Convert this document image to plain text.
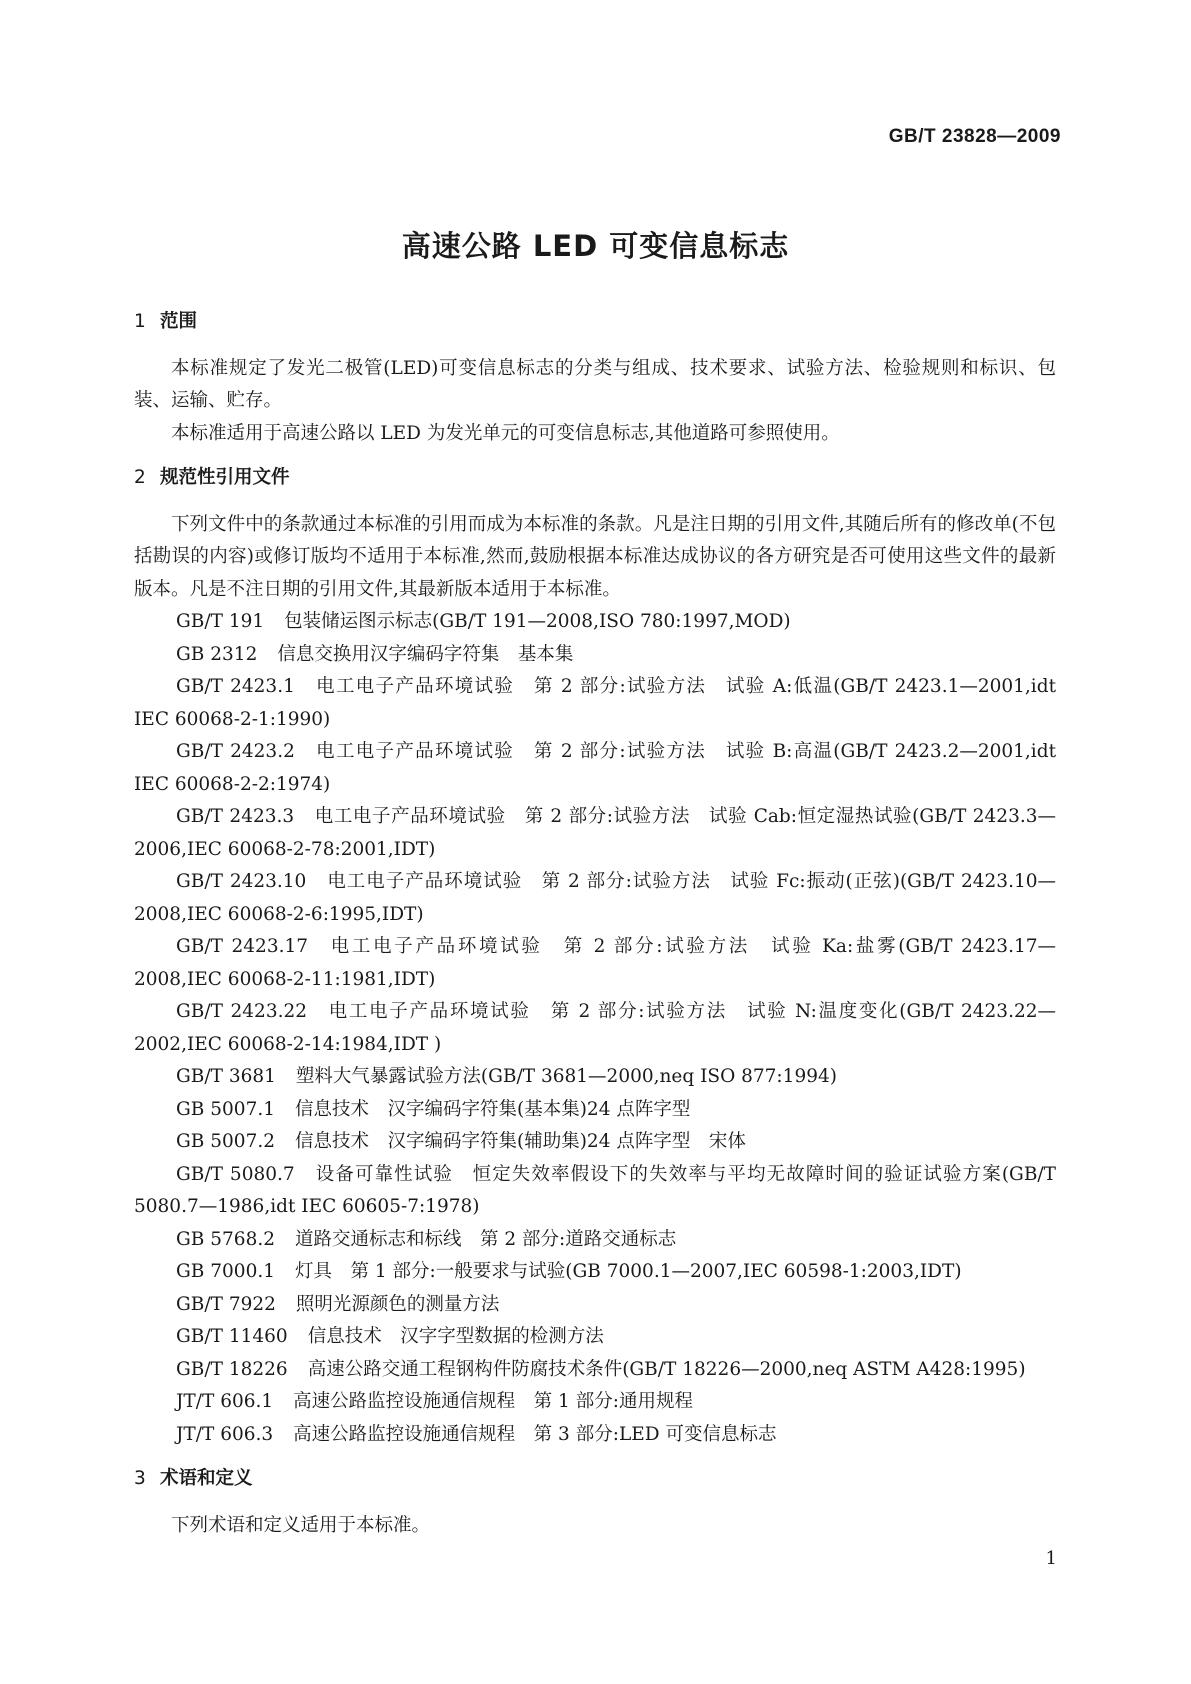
GB/T 23828—2009
高速公路 LED 可变信息标志
1 范围

本标准规定了发光二极管(LED)可变信息标志的分类与组成、技术要求、试验方法、检验规则和标识、包装、运输、贮存。

本标准适用于高速公路以 LED 为发光单元的可变信息标志,其他道路可参照使用。

2 规范性引用文件

下列文件中的条款通过本标准的引用而成为本标准的条款。凡是注日期的引用文件,其随后所有的修改单(不包括勘误的内容)或修订版均不适用于本标准,然而,鼓励根据本标准达成协议的各方研究是否可使用这些文件的最新版本。凡是不注日期的引用文件,其最新版本适用于本标准。

GB/T 191 包装储运图示标志(GB/T 191—2008,ISO 780:1997,MOD)

GB 2312 信息交换用汉字编码字符集　基本集

GB/T 2423.1 电工电子产品环境试验　第 2 部分:试验方法　试验 A:低温(GB/T 2423.1—2001,idt IEC 60068-2-1:1990)

GB/T 2423.2 电工电子产品环境试验　第 2 部分:试验方法　试验 B:高温(GB/T 2423.2—2001,idt IEC 60068-2-2:1974)

GB/T 2423.3 电工电子产品环境试验　第 2 部分:试验方法　试验 Cab:恒定湿热试验(GB/T 2423.3—2006,IEC 60068-2-78:2001,IDT)

GB/T 2423.10 电工电子产品环境试验　第 2 部分:试验方法　试验 Fc:振动(正弦)(GB/T 2423.10—2008,IEC 60068-2-6:1995,IDT)

GB/T 2423.17 电工电子产品环境试验　第 2 部分:试验方法　试验 Ka:盐雾(GB/T 2423.17—2008,IEC 60068-2-11:1981,IDT)

GB/T 2423.22 电工电子产品环境试验　第 2 部分:试验方法　试验 N:温度变化(GB/T 2423.22—2002,IEC 60068-2-14:1984,IDT )

GB/T 3681 塑料大气暴露试验方法(GB/T 3681—2000,neq ISO 877:1994)

GB 5007.1 信息技术　汉字编码字符集(基本集)24 点阵字型

GB 5007.2 信息技术　汉字编码字符集(辅助集)24 点阵字型　宋体

GB/T 5080.7 设备可靠性试验　恒定失效率假设下的失效率与平均无故障时间的验证试验方案(GB/T 5080.7—1986,idt IEC 60605-7:1978)

GB 5768.2 道路交通标志和标线　第 2 部分:道路交通标志

GB 7000.1 灯具　第 1 部分:一般要求与试验(GB 7000.1—2007,IEC 60598-1:2003,IDT)

GB/T 7922 照明光源颜色的测量方法

GB/T 11460 信息技术　汉字字型数据的检测方法

GB/T 18226 高速公路交通工程钢构件防腐技术条件(GB/T 18226—2000,neq ASTM A428:1995)

JT/T 606.1 高速公路监控设施通信规程　第 1 部分:通用规程

JT/T 606.3 高速公路监控设施通信规程　第 3 部分:LED 可变信息标志

3 术语和定义

下列术语和定义适用于本标准。

1
